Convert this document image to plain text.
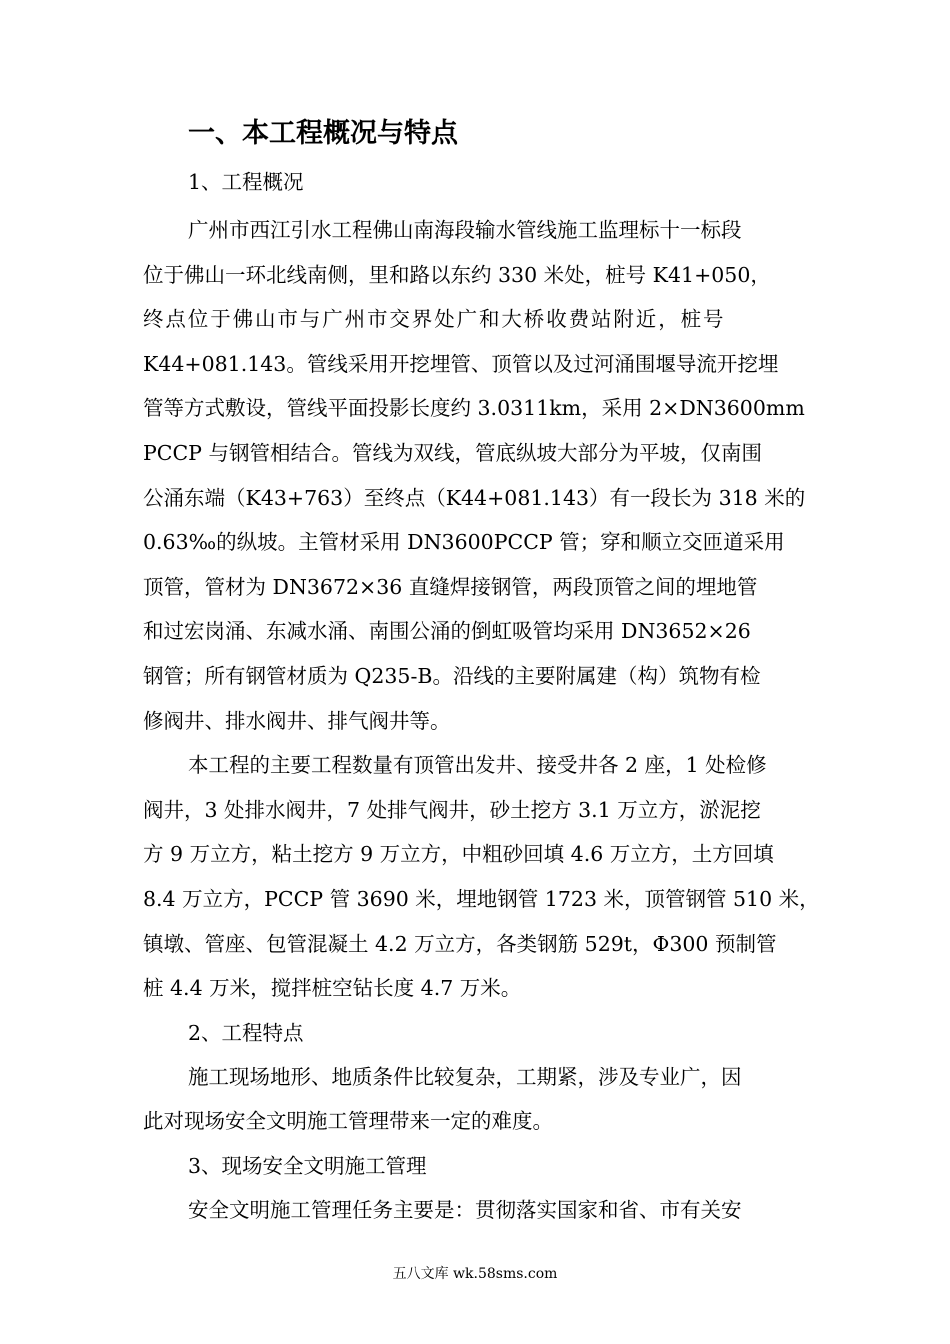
一、本工程概况与特点

1、工程概况

广州市西江引水工程佛山南海段输水管线施工监理标十一标段
位于佛山一环北线南侧，里和路以东约 330 米处，桩号 K41+050，
终点位于佛山市与广州市交界处广和大桥收费站附近，桩号
K44+081.143。管线采用开挖埋管、顶管以及过河涌围堰导流开挖埋
管等方式敷设，管线平面投影长度约 3.0311km，采用 2×DN3600mm
PCCP 与钢管相结合。管线为双线，管底纵坡大部分为平坡，仅南围
公涌东端（K43+763）至终点（K44+081.143）有一段长为 318 米的
0.63‰的纵坡。主管材采用 DN3600PCCP 管；穿和顺立交匝道采用
顶管，管材为 DN3672×36 直缝焊接钢管，两段顶管之间的埋地管
和过宏岗涌、东减水涌、南围公涌的倒虹吸管均采用 DN3652×26
钢管；所有钢管材质为 Q235-B。沿线的主要附属建（构）筑物有检
修阀井、排水阀井、排气阀井等。

本工程的主要工程数量有顶管出发井、接受井各 2 座，1 处检修
阀井，3 处排水阀井，7 处排气阀井，砂土挖方 3.1 万立方，淤泥挖
方 9 万立方，粘土挖方 9 万立方，中粗砂回填 4.6 万立方，土方回填
8.4 万立方，PCCP 管 3690 米，埋地钢管 1723 米，顶管钢管 510 米，
镇墩、管座、包管混凝土 4.2 万立方，各类钢筋 529t，Φ300 预制管
桩 4.4 万米，搅拌桩空钻长度 4.7 万米。

2、工程特点

施工现场地形、地质条件比较复杂，工期紧，涉及专业广，因
此对现场安全文明施工管理带来一定的难度。

3、现场安全文明施工管理

安全文明施工管理任务主要是：贯彻落实国家和省、市有关安

五八文库 wk.58sms.com
